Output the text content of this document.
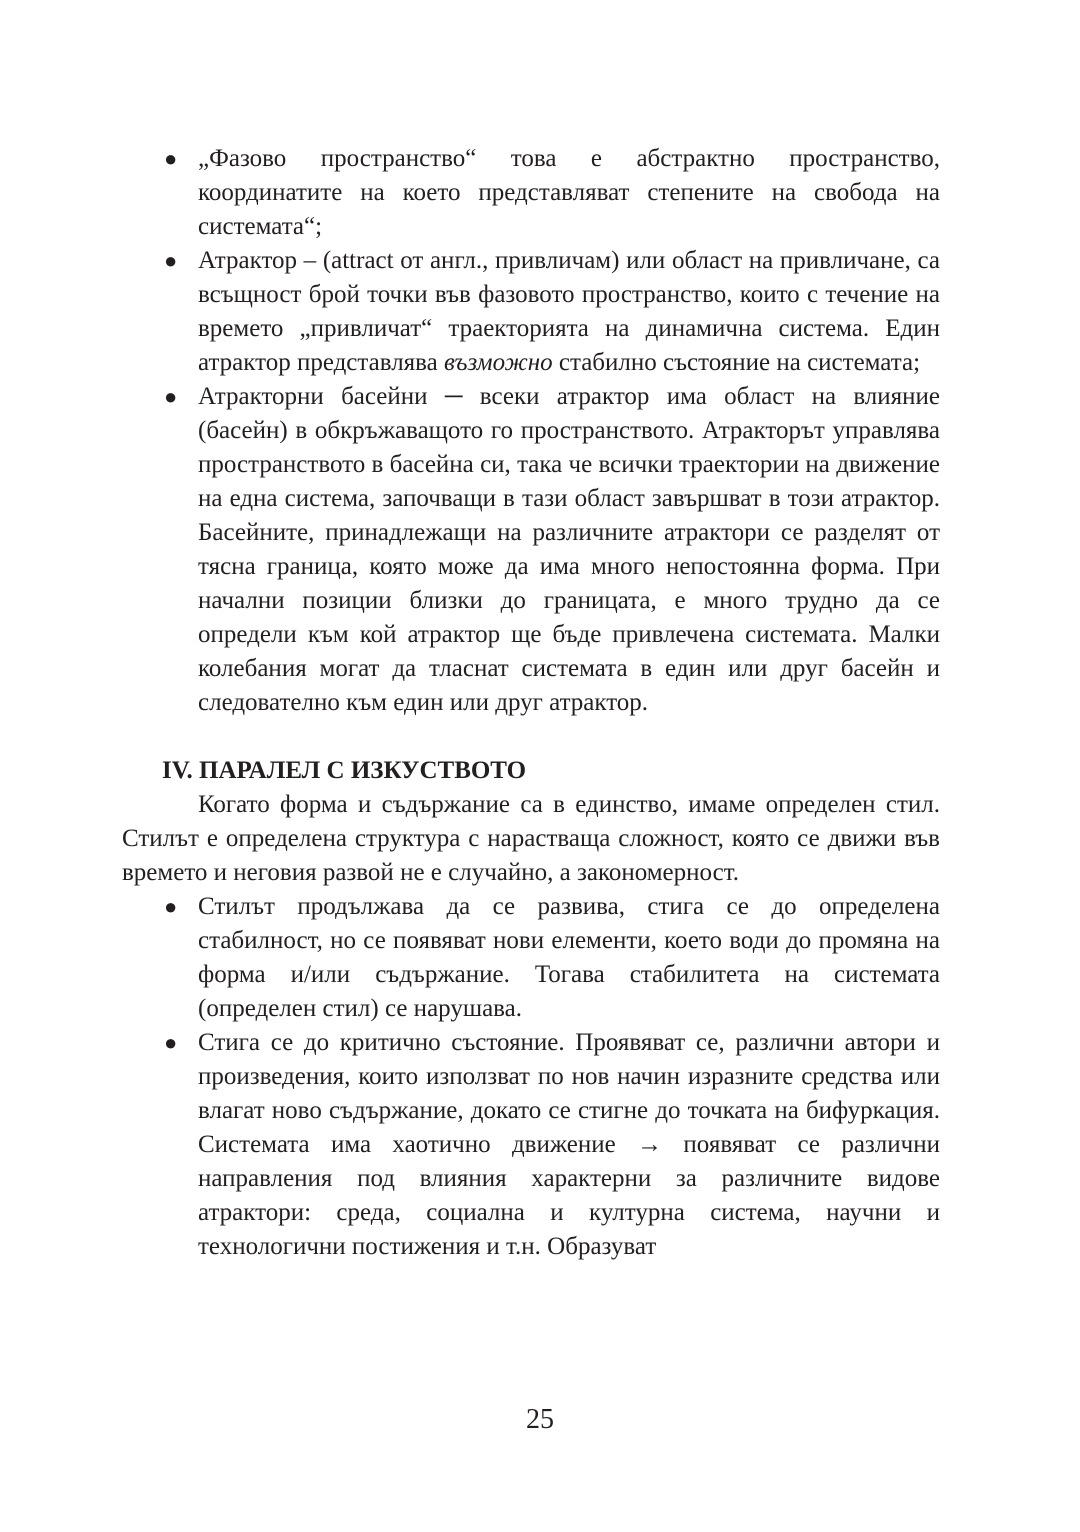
● „Фазово пространство“ това е абстрактно пространство, координатите на което представляват степените на свобода на системата“;
● Атрактор – (attract от англ., привличам) или област на привличане, са всъщност брой точки във фазовото пространство, които с течение на времето „привличат“ траекторията на динамична система. Един атрактор представлява възможно стабилно състояние на системата;
● Атракторни басейни ─ всеки атрактор има област на влияние (басейн) в обкръжаващото го пространството. Атракторът управлява пространството в басейна си, така че всички траектории на движение на една система, започващи в тази област завършват в този атрактор. Басейните, принадлежащи на различните атрактори се разделят от тясна граница, която може да има много непостоянна форма. При начални позиции близки до границата, е много трудно да се определи към кой атрактор ще бъде привлечена системата. Малки колебания могат да тласнат системата в един или друг басейн и следователно към един или друг атрактор.

IV. ПАРАЛЕЛ С ИЗКУСТВОТО

Когато форма и съдържание са в единство, имаме определен стил. Стилът е определена структура с нарастваща сложност, която се движи във времето и неговия развой не е случайно, а закономерност.

● Стилът продължава да се развива, стига се до определена стабилност, но се появяват нови елементи, което води до промяна на форма и/или съдържание. Тогава стабилитета на системата (определен стил) се нарушава.
● Стига се до критично състояние. Проявяват се, различни автори и произведения, които използват по нов начин изразните средства или влагат ново съдържание, докато се стигне до точката на бифуркация. Системата има хаотично движение → появяват се различни направления под влияния характерни за различните видове атрактори: среда, социална и културна система, научни и технологични постижения и т.н. Образуват
25
